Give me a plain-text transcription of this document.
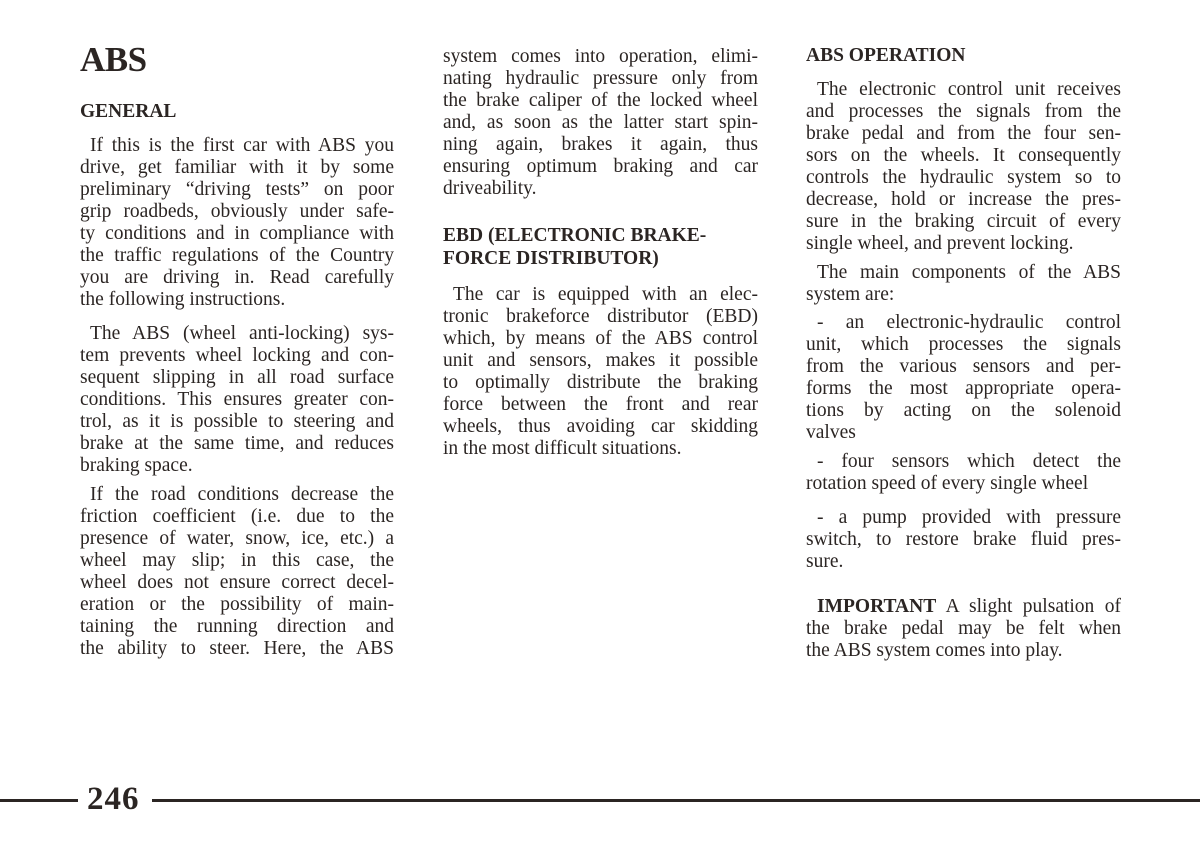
ABS
GENERAL
If this is the first car with ABS you
drive, get familiar with it by some
preliminary “driving tests” on poor
grip roadbeds, obviously under safe-
ty conditions and in compliance with
the traffic regulations of the Country
you are driving in. Read carefully
the following instructions.
The ABS (wheel anti-locking) sys-
tem prevents wheel locking and con-
sequent slipping in all road surface
conditions. This ensures greater con-
trol, as it is possible to steering and
brake at the same time, and reduces
braking space.
If the road conditions decrease the
friction coefficient (i.e. due to the
presence of water, snow, ice, etc.) a
wheel may slip; in this case, the
wheel does not ensure correct decel-
eration or the possibility of main-
taining the running direction and
the ability to steer. Here, the ABS
system comes into operation, elimi-
nating hydraulic pressure only from
the brake caliper of the locked wheel
and, as soon as the latter start spin-
ning again, brakes it again, thus
ensuring optimum braking and car
driveability.
EBD (ELECTRONIC BRAKE-
FORCE DISTRIBUTOR)
The car is equipped with an elec-
tronic brakeforce distributor (EBD)
which, by means of the ABS control
unit and sensors, makes it possible
to optimally distribute the braking
force between the front and rear
wheels, thus avoiding car skidding
in the most difficult situations.
ABS OPERATION
The electronic control unit receives
and processes the signals from the
brake pedal and from the four sen-
sors on the wheels. It consequently
controls the hydraulic system so to
decrease, hold or increase the pres-
sure in the braking circuit of every
single wheel, and prevent locking.
The main components of the ABS
system are:
- an electronic-hydraulic control
unit, which processes the signals
from the various sensors and per-
forms the most appropriate opera-
tions by acting on the solenoid
valves
- four sensors which detect the
rotation speed of every single wheel
- a pump provided with pressure
switch, to restore brake fluid pres-
sure.
IMPORTANT A slight pulsation of
the brake pedal may be felt when
the ABS system comes into play.
246
